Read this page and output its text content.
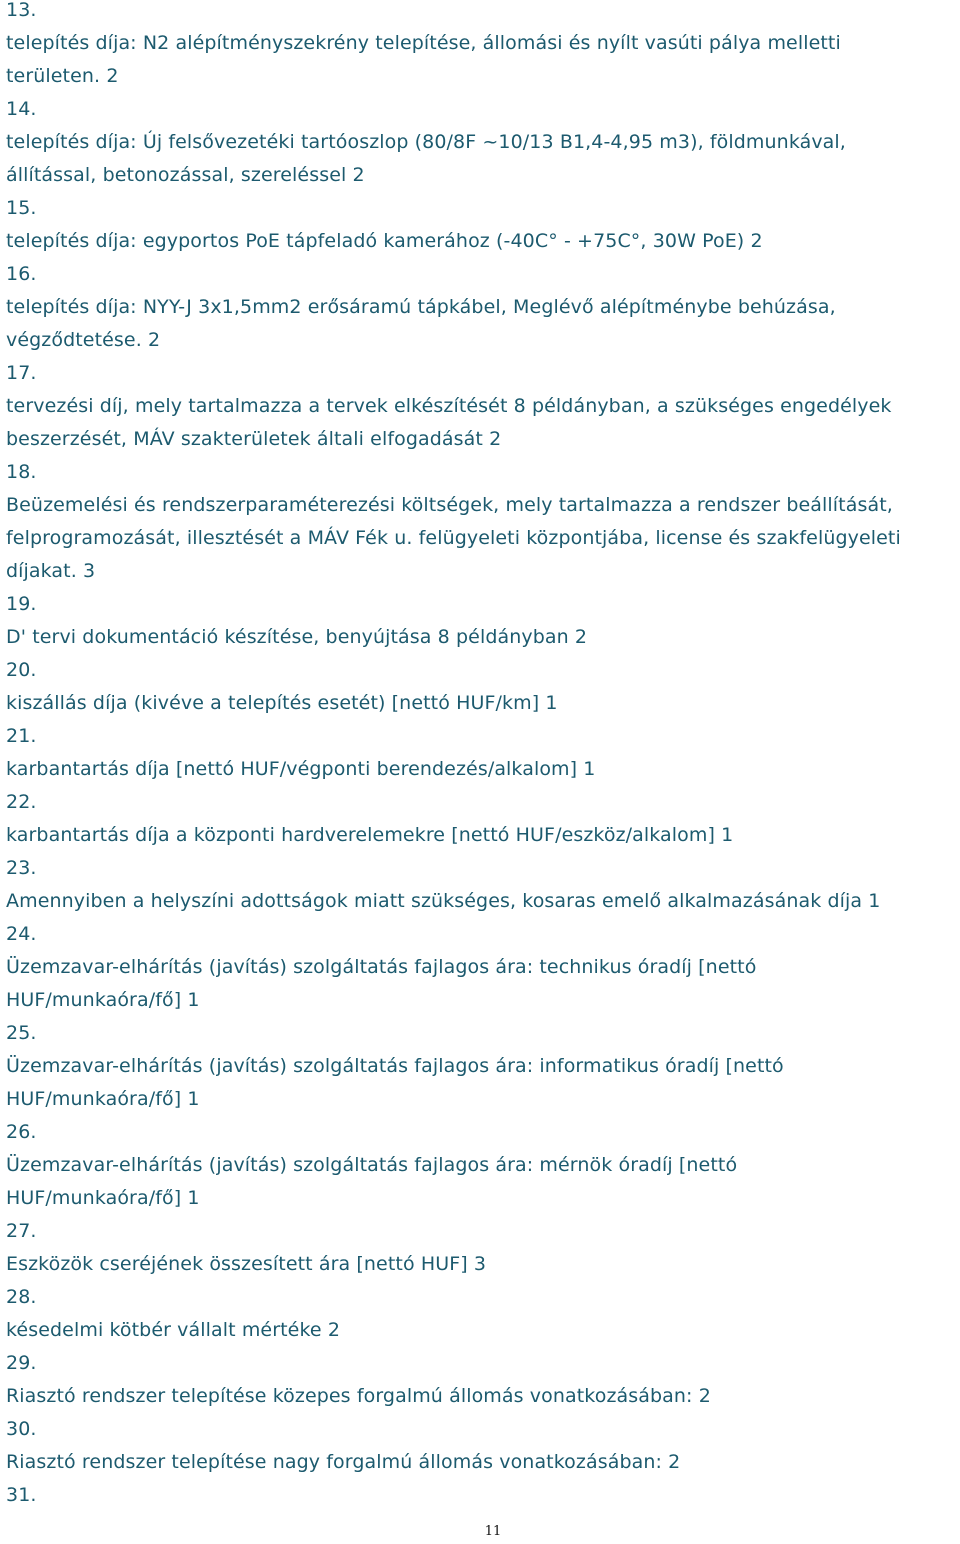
13.
telepítés díja: N2 alépítményszekrény telepítése, állomási és nyílt vasúti pálya melletti
területen. 2
14.
telepítés díja: Új felsővezetéki tartóoszlop (80/8F ~10/13 B1,4-4,95 m3), földmunkával,
állítással, betonozással, szereléssel 2
15.
telepítés díja: egyportos PoE tápfeladó kamerához (-40C° - +75C°, 30W PoE) 2
16.
telepítés díja: NYY-J 3x1,5mm2 erősáramú tápkábel, Meglévő alépítménybe behúzása,
végződtetése. 2
17.
tervezési díj, mely tartalmazza a tervek elkészítését 8 példányban, a szükséges engedélyek
beszerzését, MÁV szakterületek általi elfogadását 2
18.
Beüzemelési és rendszerparaméterezési költségek, mely tartalmazza a rendszer beállítását,
felprogramozását, illesztését a MÁV Fék u. felügyeleti központjába, license és szakfelügyeleti
díjakat. 3
19.
D' tervi dokumentáció készítése, benyújtása 8 példányban 2
20.
kiszállás díja (kivéve a telepítés esetét) [nettó HUF/km] 1
21.
karbantartás díja [nettó HUF/végponti berendezés/alkalom] 1
22.
karbantartás díja a központi hardverelemekre [nettó HUF/eszköz/alkalom] 1
23.
Amennyiben a helyszíni adottságok miatt szükséges, kosaras emelő alkalmazásának díja 1
24.
Üzemzavar-elhárítás (javítás) szolgáltatás fajlagos ára: technikus óradíj [nettó
HUF/munkaóra/fő] 1
25.
Üzemzavar-elhárítás (javítás) szolgáltatás fajlagos ára: informatikus óradíj [nettó
HUF/munkaóra/fő] 1
26.
Üzemzavar-elhárítás (javítás) szolgáltatás fajlagos ára: mérnök óradíj [nettó
HUF/munkaóra/fő] 1
27.
Eszközök cseréjének összesített ára [nettó HUF] 3
28.
késedelmi kötbér vállalt mértéke 2
29.
Riasztó rendszer telepítése közepes forgalmú állomás vonatkozásában: 2
30.
Riasztó rendszer telepítése nagy forgalmú állomás vonatkozásában: 2
31.
11
